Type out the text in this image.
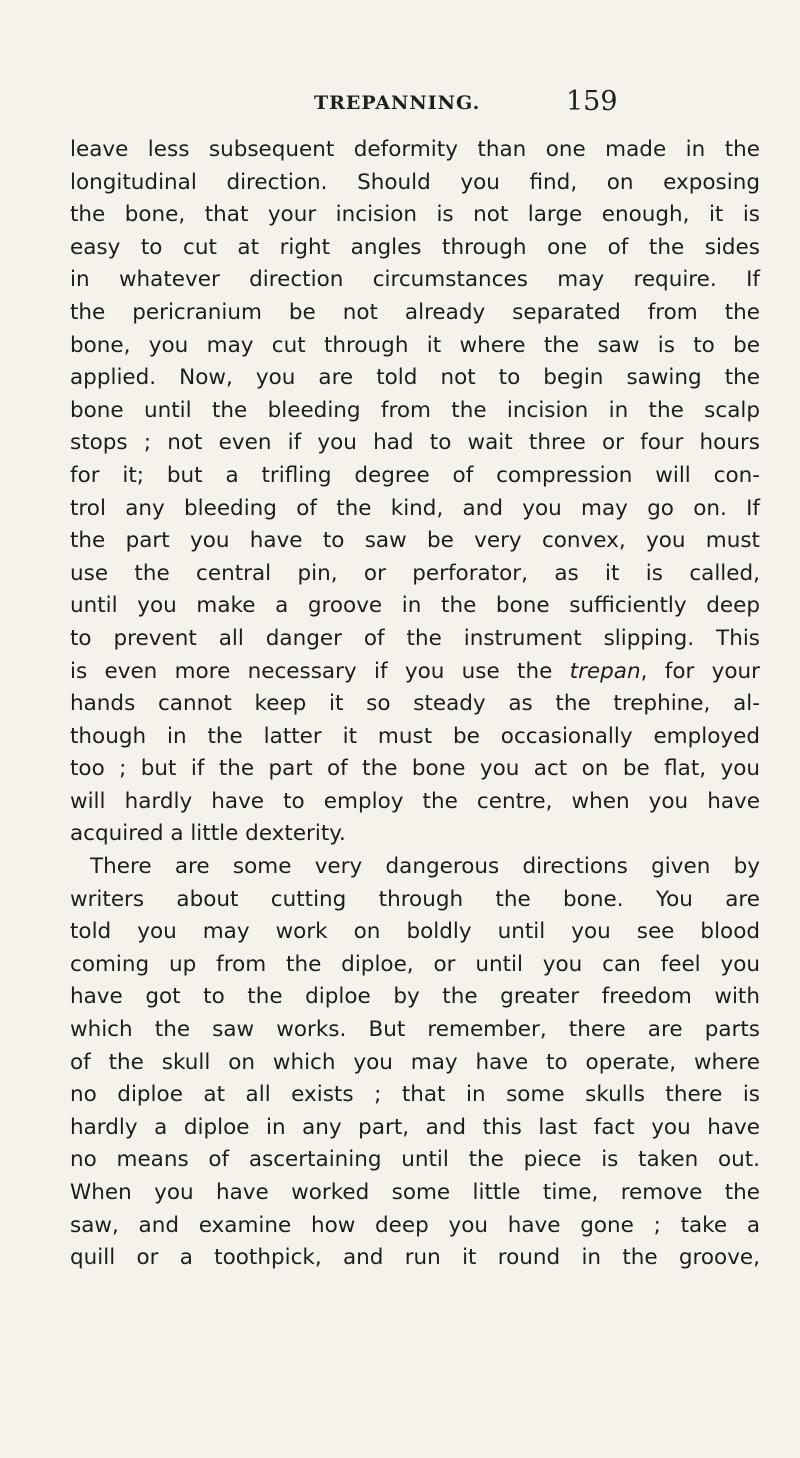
TREPANNING.	159
leave less subsequent deformity than one made in the
longitudinal direction. Should you find, on exposing
the bone, that your incision is not large enough, it is
easy to cut at right angles through one of the sides
in whatever direction circumstances may require. If
the pericranium be not already separated from the
bone, you may cut through it where the saw is to be
applied. Now, you are told not to begin sawing the
bone until the bleeding from the incision in the scalp
stops ; not even if you had to wait three or four hours
for it; but a trifling degree of compression will con-
trol any bleeding of the kind, and you may go on. If
the part you have to saw be very convex, you must
use the central pin, or perforator, as it is called,
until you make a groove in the bone sufficiently deep
to prevent all danger of the instrument slipping. This
is even more necessary if you use the trepan, for your
hands cannot keep it so steady as the trephine, al-
though in the latter it must be occasionally employed
too ; but if the part of the bone you act on be flat, you
will hardly have to employ the centre, when you have
acquired a little dexterity.
There are some very dangerous directions given by
writers about cutting through the bone. You are
told you may work on boldly until you see blood
coming up from the diploe, or until you can feel you
have got to the diploe by the greater freedom with
which the saw works. But remember, there are parts
of the skull on which you may have to operate, where
no diploe at all exists ; that in some skulls there is
hardly a diploe in any part, and this last fact you have
no means of ascertaining until the piece is taken out.
When you have worked some little time, remove the
saw, and examine how deep you have gone ; take a
quill or a toothpick, and run it round in the groove,
